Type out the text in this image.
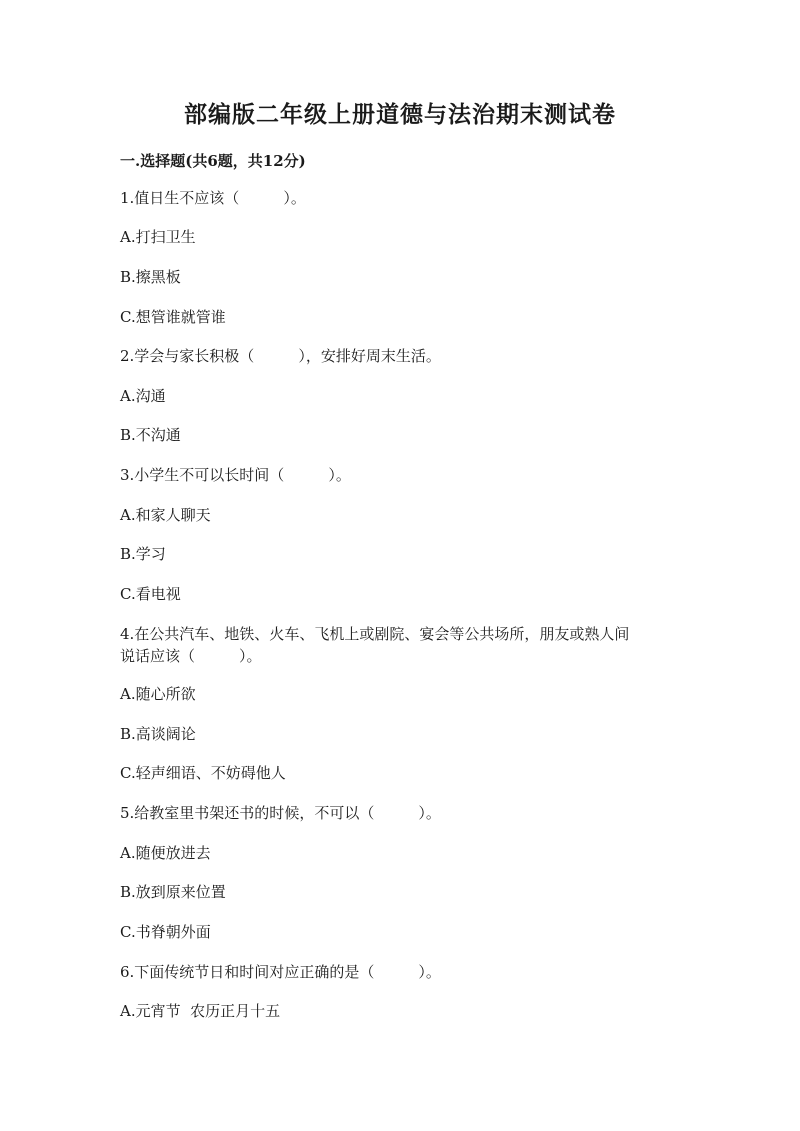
部编版二年级上册道德与法治期末测试卷
一.选择题(共6题，共12分)
1.值日生不应该（	）。
A.打扫卫生
B.擦黑板
C.想管谁就管谁
2.学会与家长积极（	），安排好周末生活。
A.沟通
B.不沟通
3.小学生不可以长时间（	）。
A.和家人聊天
B.学习
C.看电视
4.在公共汽车、地铁、火车、飞机上或剧院、宴会等公共场所，朋友或熟人间
说话应该（	）。
A.随心所欲
B.高谈阔论
C.轻声细语、不妨碍他人
5.给教室里书架还书的时候，不可以（	）。
A.随便放进去
B.放到原来位置
C.书脊朝外面
6.下面传统节日和时间对应正确的是（	）。
A.元宵节  农历正月十五
